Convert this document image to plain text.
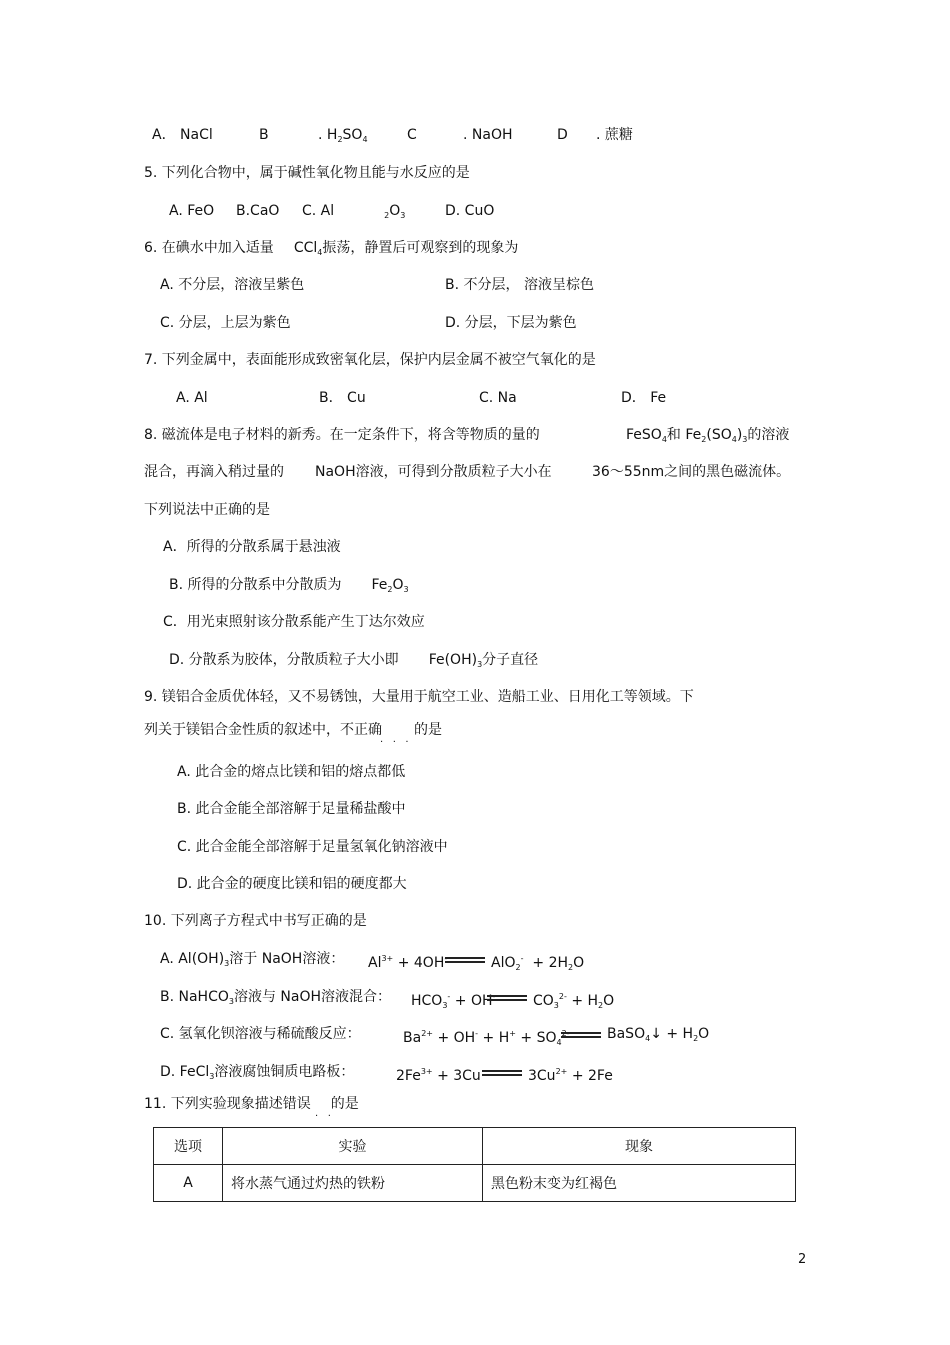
A． NaCl	B	. $H_2SO_4$	C	. NaOH	D . 蔗糖
5. 下列化合物中，属于碱性氧化物且能与水反应的是
A. FeO B.CaO C. Al	$_2O_3$	D. CuO
6. 在碘水中加入适量 CCl$_4$振荡，静置后可观察到的现象为
A. 不分层，溶液呈紫色	B. 不分层， 溶液呈棕色
C. 分层，上层为紫色	D. 分层，下层为紫色
7. 下列金属中，表面能形成致密氧化层，保护内层金属不被空气氧化的是
A. Al	B． Cu	C. Na	D． Fe
8. 磁流体是电子材料的新秀。在一定条件下，将含等物质的量的	FeSO$_4$和 $Fe_2(SO_4)_3$的溶液
混合，再滴入稍过量的 NaOH溶液，可得到分散质粒子大小在	36～55nm之间的黑色磁流体。
下列说法中正确的是
A．所得的分散系属于悬浊液
B. 所得的分散系中分散质为 $Fe_2O_3$
C．用光束照射该分散系能产生丁达尔效应
D. 分散系为胶体，分散质粒子大小即 $Fe(OH)_3$分子直径
9. 镁铝合金质优体轻，又不易锈蚀，大量用于航空工业、造船工业、日用化工等领域。下
列关于镁铝合金性质的叙述中，不正确 的是
·   ·   ·
A. 此合金的熔点比镁和铝的熔点都低
B. 此合金能全部溶解于足量稀盐酸中
C. 此合金能全部溶解于足量氢氧化钠溶液中
D. 此合金的硬度比镁和铝的硬度都大
10. 下列离子方程式中书写正确的是
A. $Al(OH)_3$溶于 NaOH溶液： $Al^{3+} + 4OH^-$	$AlO_2^- + 2H_2O$
B. NaHCO$_3$溶液与 NaOH溶液混合： $HCO_3^- + OH^-$	$CO_3^{2-} + H_2O$
C. 氢氧化钡溶液与稀硫酸反应：	$Ba^{2+} + OH^- + H^+ + SO_4^{2-}$	BaSO$_4$↓ + $H_2O$
D. FeCl$_3$溶液腐蚀铜质电路板：	$2Fe^{3+} + 3Cu$	$3Cu^{2+} + 2Fe$
11. 下列实验现象描述错误 的是
·   ·
选项	实验	现象
A	将水蒸气通过灼热的铁粉	黑色粉末变为红褐色
2
